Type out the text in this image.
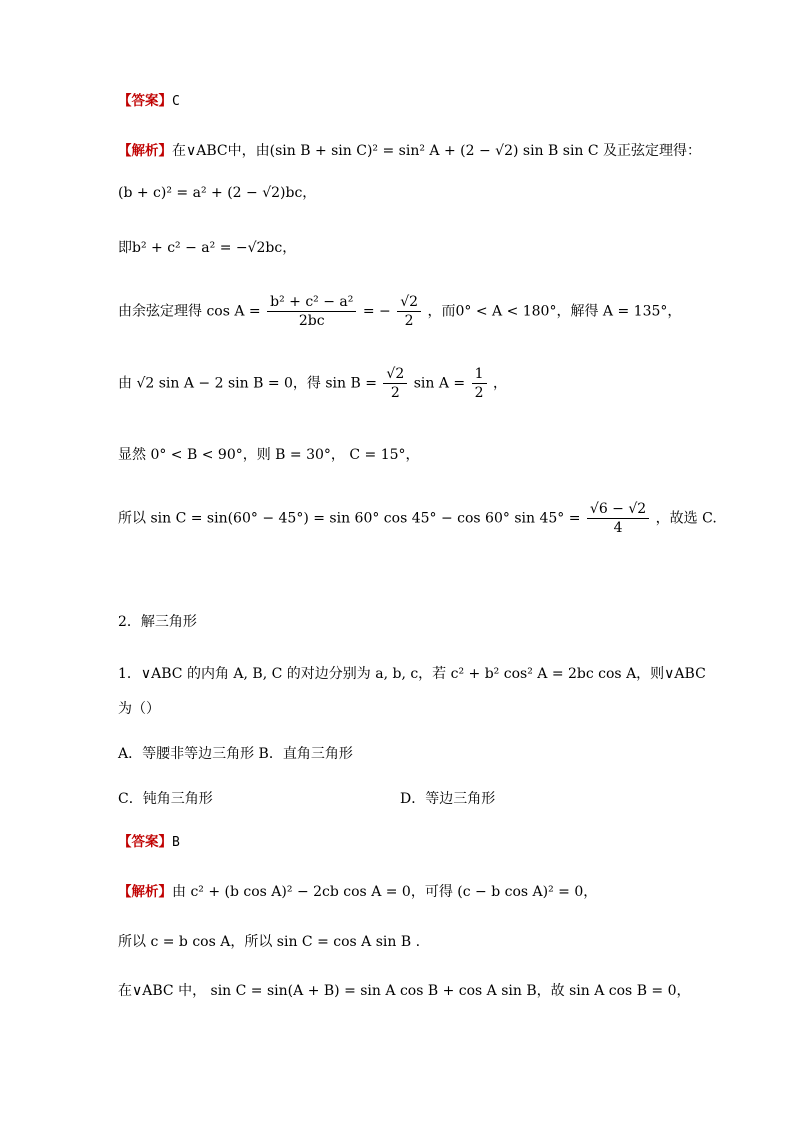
【答案】C
【解析】在∨ABC中，由(sin B + sin C)² = sin² A + (2 − √2) sin B sin C 及正弦定理得：
(b + c)² = a² + (2 − √2)bc，
即b² + c² − a² = −√2bc，
由余弦定理得 $\cos A = \frac{\text{b² + c² − a²}}{2bc}$ = − $\frac{√2}{2}$ ，而0° < A < 180°，解得 A = 135°，
由 √2 sin A − 2 sin B = 0，得 $\sin B = \frac{√2}{2}$ $\sin A = \frac{1}{2}$ ，
显然 0° < B < 90°，则 B = 30°， C = 15°，
所以 sin C = sin(60° − 45°) = sin 60° cos 45° − cos 60° $\sin 45^\circ = \frac{√6 - √2}{4}$ ，故选 C.
2．解三角形
1．∨ABC 的内角 A, B, C 的对边分别为 a, b, c，若 c² + b² cos² A = 2bc cos A，则∨ABC
为（）
A．等腰非等边三角形 B．直角三角形
C．钝角三角形	D．等边三角形
【答案】B
【解析】由 c² + (b cos A)² − 2cb cos A = 0，可得 (c − b cos A)² = 0，
所以 c = b cos A，所以 sin C = cos A sin B .
在∨ABC 中， sin C = sin(A + B) = sin A cos B + cos A sin B，故 sin A cos B = 0，
